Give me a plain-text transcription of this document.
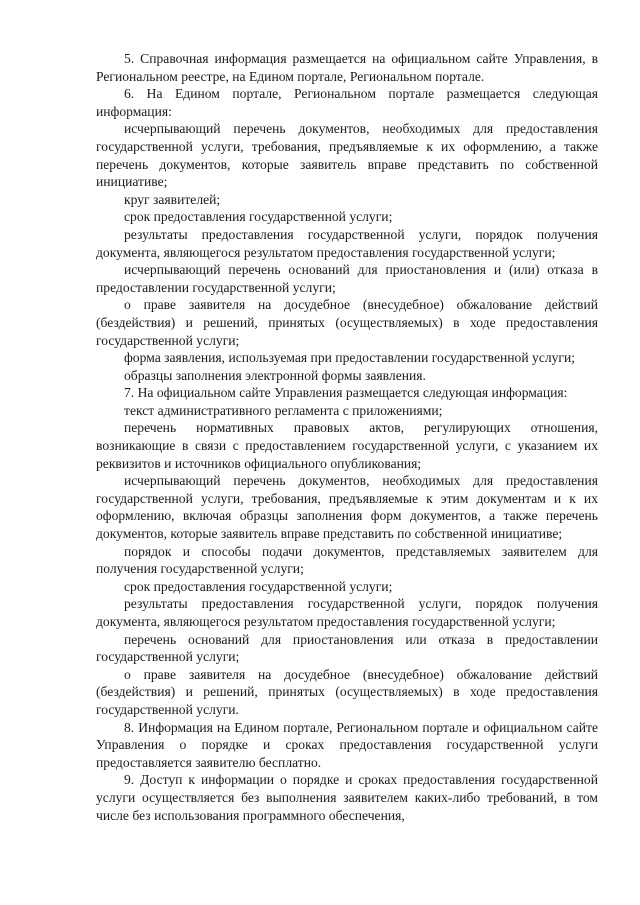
5. Справочная информация размещается на официальном сайте Управления, в Региональном реестре, на Едином портале, Региональном портале.

6. На Едином портале, Региональном портале размещается следующая информация:

исчерпывающий перечень документов, необходимых для предоставления государственной услуги, требования, предъявляемые к их оформлению, а также перечень документов, которые заявитель вправе представить по собственной инициативе;

круг заявителей;

срок предоставления государственной услуги;

результаты предоставления государственной услуги, порядок получения документа, являющегося результатом предоставления государственной услуги;

исчерпывающий перечень оснований для приостановления и (или) отказа в предоставлении государственной услуги;

о праве заявителя на досудебное (внесудебное) обжалование действий (бездействия) и решений, принятых (осуществляемых) в ходе предоставления государственной услуги;

форма заявления, используемая при предоставлении государственной услуги;

образцы заполнения электронной формы заявления.

7. На официальном сайте Управления размещается следующая информация:

текст административного регламента с приложениями;

перечень нормативных правовых актов, регулирующих отношения, возникающие в связи с предоставлением государственной услуги, с указанием их реквизитов и источников официального опубликования;

исчерпывающий перечень документов, необходимых для предоставления государственной услуги, требования, предъявляемые к этим документам и к их оформлению, включая образцы заполнения форм документов, а также перечень документов, которые заявитель вправе представить по собственной инициативе;

порядок и способы подачи документов, представляемых заявителем для получения государственной услуги;

срок предоставления государственной услуги;

результаты предоставления государственной услуги, порядок получения документа, являющегося результатом предоставления государственной услуги;

перечень оснований для приостановления или отказа в предоставлении государственной услуги;

о праве заявителя на досудебное (внесудебное) обжалование действий (бездействия) и решений, принятых (осуществляемых) в ходе предоставления государственной услуги.

8. Информация на Едином портале, Региональном портале и официальном сайте Управления о порядке и сроках предоставления государственной услуги предоставляется заявителю бесплатно.

9. Доступ к информации о порядке и сроках предоставления государственной услуги осуществляется без выполнения заявителем каких-либо требований, в том числе без использования программного обеспечения,
